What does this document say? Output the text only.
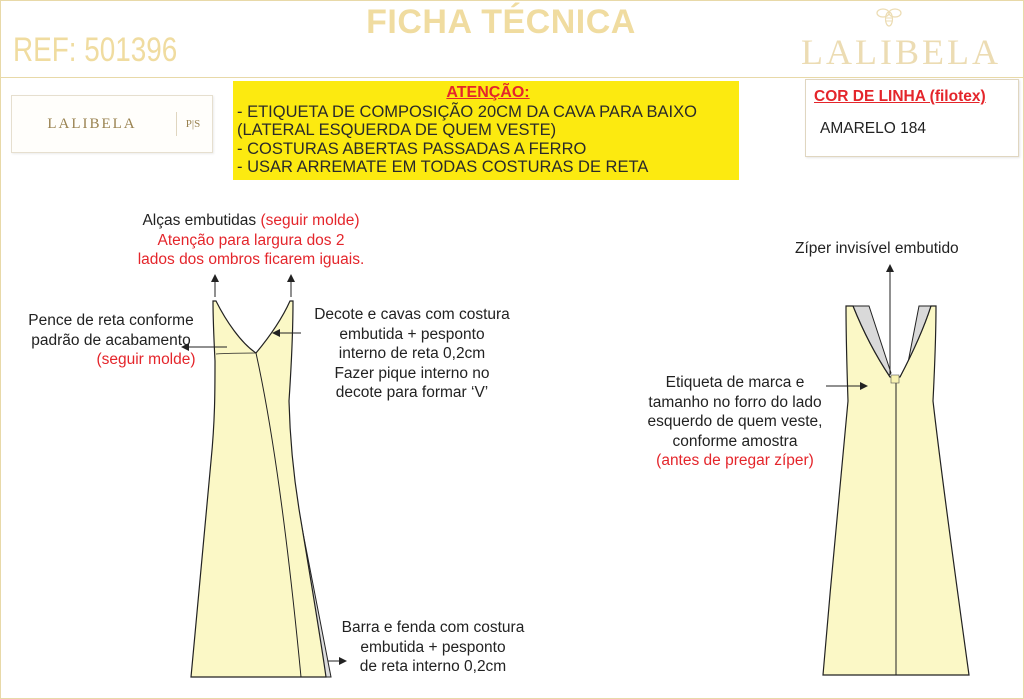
FICHA TÉCNICA
REF: 501396	LALIBELA
LALIBELA	P|S
ATENÇÃO:
- ETIQUETA DE COMPOSIÇÃO 20CM DA CAVA PARA BAIXO
(LATERAL ESQUERDA DE QUEM VESTE)
- COSTURAS ABERTAS PASSADAS A FERRO
- USAR ARREMATE EM TODAS COSTURAS DE RETA
COR DE LINHA (filotex)
AMARELO 184
Alças embutidas (seguir molde)
Atenção para largura dos 2
lados dos ombros ficarem iguais.
Pence de reta conforme
padrão de acabamento
(seguir molde)
Decote e cavas com costura
embutida + pesponto
interno de reta 0,2cm
Fazer pique interno no
decote para formar ‘V’
Barra e fenda com costura
embutida + pesponto
de reta interno 0,2cm
Zíper invisível embutido
Etiqueta de marca e
tamanho no forro do lado
esquerdo de quem veste,
conforme amostra
(antes de pregar zíper)
